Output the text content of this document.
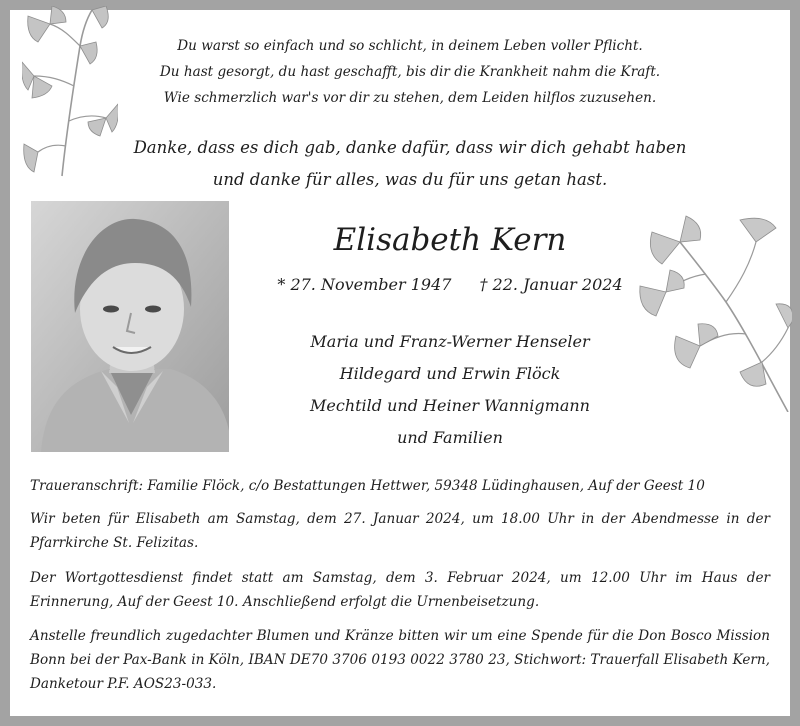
Du warst so einfach und so schlicht, in deinem Leben voller Pflicht.
Du hast gesorgt, du hast geschafft, bis dir die Krankheit nahm die Kraft.
Wie schmerzlich war's vor dir zu stehen, dem Leiden hilflos zuzusehen.
Danke, dass es dich gab, danke dafür, dass wir dich gehabt haben
und danke für alles, was du für uns getan hast.
Elisabeth Kern
* 27. November 1947 † 22. Januar 2024
Maria und Franz-Werner Henseler
Hildegard und Erwin Flöck
Mechtild und Heiner Wannigmann
und Familien
Traueranschrift: Familie Flöck, c/o Bestattungen Hettwer, 59348 Lüdinghausen, Auf der Geest 10
Wir beten für Elisabeth am Samstag, dem 27. Januar 2024, um 18.00 Uhr in der Abendmesse in der Pfarrkirche St. Felizitas.
Der Wortgottesdienst findet statt am Samstag, dem 3. Februar 2024, um 12.00 Uhr im Haus der Erinnerung, Auf der Geest 10. Anschließend erfolgt die Urnenbeisetzung.
Anstelle freundlich zugedachter Blumen und Kränze bitten wir um eine Spende für die Don Bosco Mission Bonn bei der Pax-Bank in Köln, IBAN DE70 3706 0193 0022 3780 23, Stichwort: Trauerfall Elisabeth Kern, Danketour P.F. AOS23-033.
